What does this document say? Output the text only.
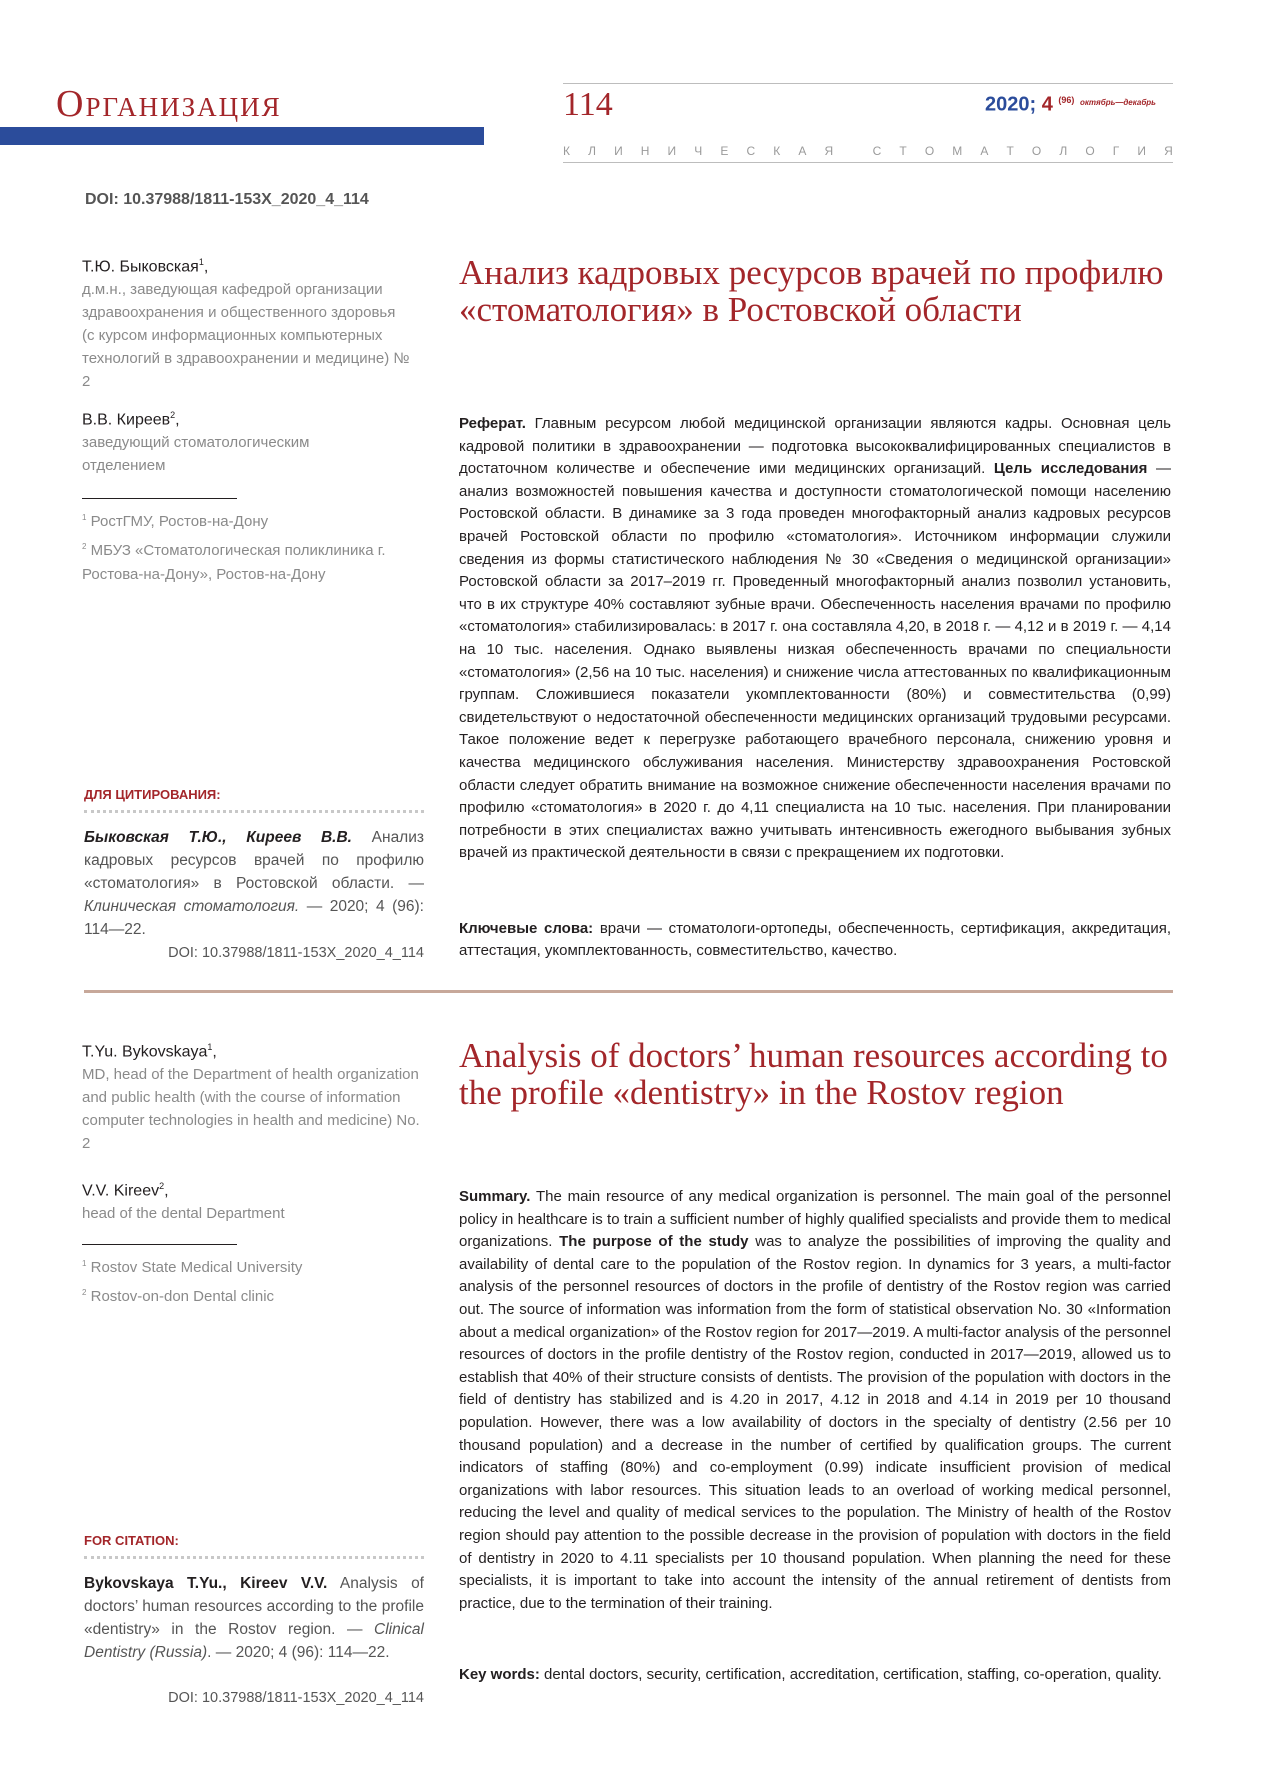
Организация	114	2020; 4 $^{(96)}$ $^{октябрь—декабрь}$
К Л И Н И Ч Е С К А Я
	С Т О М А Т О Л О Г И Я
DOI: 10.37988/1811-153X_2020_4_114
Т.Ю. Быковская$^1$,
д.м.н., заведующая кафедрой организации здравоохранения и общественного здоровья (с курсом информационных компьютерных технологий в здравоохранении и медицине) № 2
В.В. Киреев$^2$,
заведующий стоматологическим отделением
$^1$ РостГМУ, Ростов-на-Дону
$^2$ МБУЗ «Стоматологическая поликлиника г. Ростова-на-Дону», Ростов-на-Дону
ДЛЯ ЦИТИРОВАНИЯ:
Быковская Т.Ю., Киреев В.В. Анализ кадровых ресурсов врачей по профилю «стоматология» в Ростовской области. — Клиническая стоматология. — 2020; 4 (96): 114—22.
DOI: 10.37988/1811-153X_2020_4_114
Анализ кадровых ресурсов врачей по профилю «стоматология» в Ростовской области
Реферат. Главным ресурсом любой медицинской организации являются кадры. Основная цель кадровой политики в здравоохранении — подготовка высококвалифицированных специалистов в достаточном количестве и обеспечение ими медицинских организаций. Цель исследования — анализ возможностей повышения качества и доступности стоматологической помощи населению Ростовской области. В динамике за 3 года проведен многофакторный анализ кадровых ресурсов врачей Ростовской области по профилю «стоматология». Источником информации служили сведения из формы статистического наблюдения № 30 «Сведения о медицинской организации» Ростовской области за 2017–2019 гг. Проведенный многофакторный анализ позволил установить, что в их структуре 40% составляют зубные врачи. Обеспеченность населения врачами по профилю «стоматология» стабилизировалась: в 2017 г. она составляла 4,20, в 2018 г. — 4,12 и в 2019 г. — 4,14 на 10 тыс. населения. Однако выявлены низкая обеспеченность врачами по специальности «стоматология» (2,56 на 10 тыс. населения) и снижение числа аттестованных по квалификационным группам. Сложившиеся показатели укомплектованности (80%) и совместительства (0,99) свидетельствуют о недостаточной обеспеченности медицинских организаций трудовыми ресурсами. Такое положение ведет к перегрузке работающего врачебного персонала, снижению уровня и качества медицинского обслуживания населения. Министерству здравоохранения Ростовской области следует обратить внимание на возможное снижение обеспеченности населения врачами по профилю «стоматология» в 2020 г. до 4,11 специалиста на 10 тыс. населения. При планировании потребности в этих специалистах важно учитывать интенсивность ежегодного выбывания зубных врачей из практической деятельности в связи с прекращением их подготовки.
Ключевые слова: врачи — стоматологи-ортопеды, обеспеченность, сертификация, аккредитация, аттестация, укомплектованность, совместительство, качество.
T.Yu. Bykovskaya$^1$,
MD, head of the Department of health organization and public health (with the course of information computer technologies in health and medicine) No. 2
V.V. Kireev$^2$,
head of the dental Department
$^1$ Rostov State Medical University
$^2$ Rostov-on-don Dental clinic
FOR CITATION:
Bykovskaya T.Yu., Kireev V.V. Analysis of doctors’ human resources according to the profile «dentistry» in the Rostov region. — Clinical Dentistry (Russia). — 2020; 4 (96): 114—22.
DOI: 10.37988/1811-153X_2020_4_114
Analysis of doctors’ human resources according to the profile «dentistry» in the Rostov region
Summary. The main resource of any medical organization is personnel. The main goal of the personnel policy in healthcare is to train a sufficient number of highly qualified specialists and provide them to medical organizations. The purpose of the study was to analyze the possibilities of improving the quality and availability of dental care to the population of the Rostov region. In dynamics for 3 years, a multi-factor analysis of the personnel resources of doctors in the profile of dentistry of the Rostov region was carried out. The source of information was information from the form of statistical observation No. 30 «Information about a medical organization» of the Rostov region for 2017—2019. A multi-factor analysis of the personnel resources of doctors in the profile dentistry of the Rostov region, conducted in 2017—2019, allowed us to establish that 40% of their structure consists of dentists. The provision of the population with doctors in the field of dentistry has stabilized and is 4.20 in 2017, 4.12 in 2018 and 4.14 in 2019 per 10 thousand population. However, there was a low availability of doctors in the specialty of dentistry (2.56 per 10 thousand population) and a decrease in the number of certified by qualification groups. The current indicators of staffing (80%) and co-employment (0.99) indicate insufficient provision of medical organizations with labor resources. This situation leads to an overload of working medical personnel, reducing the level and quality of medical services to the population. The Ministry of health of the Rostov region should pay attention to the possible decrease in the provision of population with doctors in the field of dentistry in 2020 to 4.11 specialists per 10 thousand population. When planning the need for these specialists, it is important to take into account the intensity of the annual retirement of dentists from practice, due to the termination of their training.
Key words: dental doctors, security, certification, accreditation, certification, staffing, co-operation, quality.
